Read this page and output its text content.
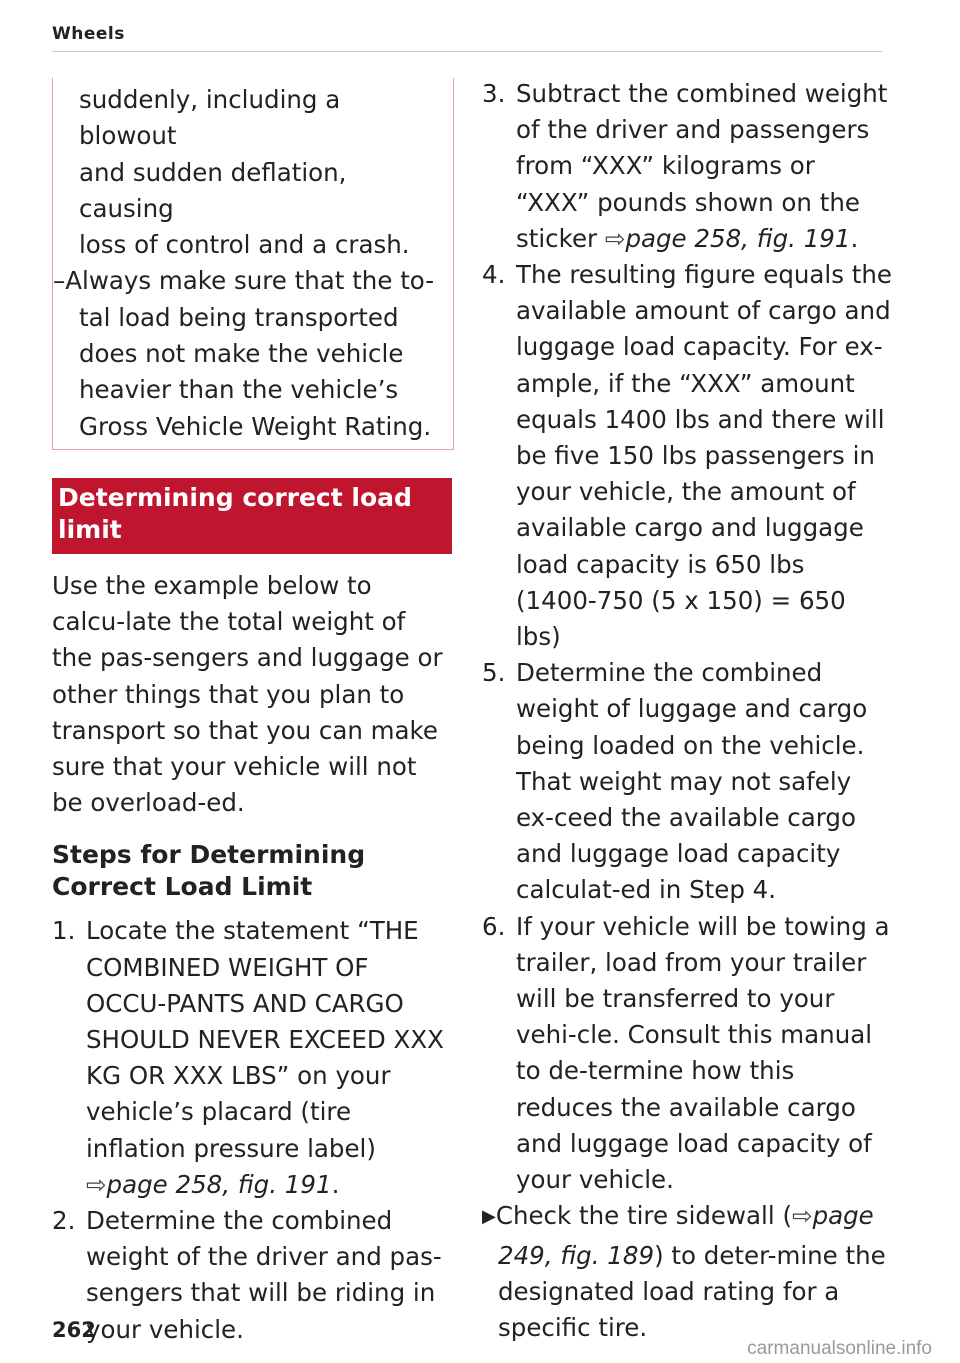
Wheels

suddenly, including a blowout

and sudden deflation, causing

loss of control and a crash.

–Always make sure that the to-tal load being transported does not make the vehicle heavier than the vehicle’s Gross Vehicle Weight Rating.

Determining correct load limit

Use the example below to calcu-late the total weight of the pas-sengers and luggage or other things that you plan to transport so that you can make sure that your vehicle will not be overload-ed.

Steps for Determining Correct Load Limit
1. Locate the statement “THE COMBINED WEIGHT OF OCCU-PANTS AND CARGO SHOULD NEVER EXCEED XXX KG OR XXX LBS” on your vehicle’s placard (tire inflation pressure label) ⇨page 258, fig. 191.
2. Determine the combined weight of the driver and pas-sengers that will be riding in your vehicle.
3. Subtract the combined weight of the driver and passengers from “XXX” kilograms or “XXX” pounds shown on the sticker ⇨page 258, fig. 191.
4. The resulting figure equals the available amount of cargo and luggage load capacity. For ex-ample, if the “XXX” amount equals 1400 lbs and there will be five 150 lbs passengers in your vehicle, the amount of available cargo and luggage load capacity is 650 lbs (1400-750 (5 x 150) = 650 lbs)
5. Determine the combined weight of luggage and cargo being loaded on the vehicle. That weight may not safely ex-ceed the available cargo and luggage load capacity calculat-ed in Step 4.
6. If your vehicle will be towing a trailer, load from your trailer will be transferred to your vehi-cle. Consult this manual to de-termine how this reduces the available cargo and luggage load capacity of your vehicle.

▶Check the tire sidewall (⇨page 249, fig. 189) to deter-mine the designated load rating for a specific tire.

262
carmanualsonline.info
